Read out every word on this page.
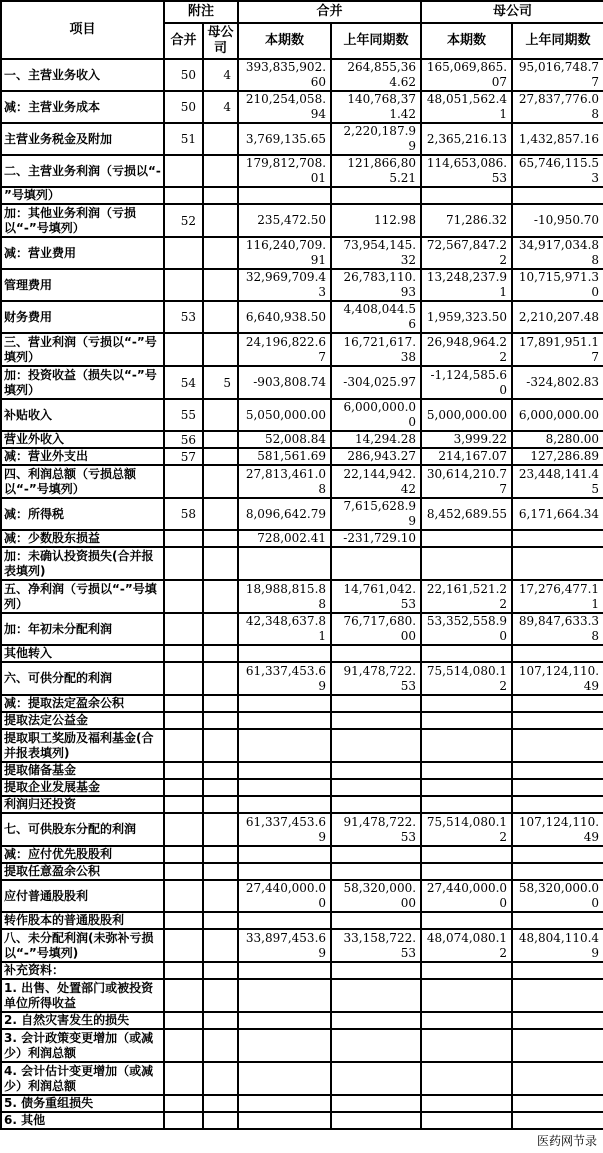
项目	附注		合并		母公司	
	合并	母公司	本期数	上年同期数	本期数	上年同期数
一、主营业务收入	50	4	393,835,902.60	264,855,364.62	165,069,865.07	95,016,748.77
减：主营业务成本	50	4	210,254,058.94	140,768,371.42	48,051,562.41	27,837,776.08
主营业务税金及附加	51		3,769,135.65	2,220,187.99	2,365,216.13	1,432,857.16
二、主营业务利润（亏损以“-			179,812,708.01	121,866,805.21	114,653,086.53	65,746,115.53
”号填列）						
加：其他业务利润（亏损以“-”号填列）	52		235,472.50	112.98	71,286.32	-10,950.70
减：营业费用			116,240,709.91	73,954,145.32	72,567,847.22	34,917,034.88
管理费用			32,969,709.43	26,783,110.93	13,248,237.91	10,715,971.30
财务费用	53		6,640,938.50	4,408,044.56	1,959,323.50	2,210,207.48
三、营业利润（亏损以“-”号填列）			24,196,822.67	16,721,617.38	26,948,964.22	17,891,951.17
加：投资收益（损失以“-”号填列）	54	5	-903,808.74	-304,025.97	-1,124,585.60	-324,802.83
补贴收入	55		5,050,000.00	6,000,000.00	5,000,000.00	6,000,000.00
营业外收入	56		52,008.84	14,294.28	3,999.22	8,280.00
减：营业外支出	57		581,561.69	286,943.27	214,167.07	127,286.89
四、利润总额（亏损总额以“-”号填列）			27,813,461.08	22,144,942.42	30,614,210.77	23,448,141.45
减：所得税	58		8,096,642.79	7,615,628.99	8,452,689.55	6,171,664.34
减：少数股东损益			728,002.41	-231,729.10		
加：未确认投资损失(合并报表填列)						
五、净利润（亏损以“-”号填列）			18,988,815.88	14,761,042.53	22,161,521.22	17,276,477.11
加：年初未分配利润			42,348,637.81	76,717,680.00	53,352,558.90	89,847,633.38
其他转入						
六、可供分配的利润			61,337,453.69	91,478,722.53	75,514,080.12	107,124,110.49
减：提取法定盈余公积						
提取法定公益金						
提取职工奖励及福利基金(合并报表填列)						
提取储备基金						
提取企业发展基金						
利润归还投资						
七、可供股东分配的利润			61,337,453.69	91,478,722.53	75,514,080.12	107,124,110.49
减：应付优先股股利						
提取任意盈余公积						
应付普通股股利			27,440,000.00	58,320,000.00	27,440,000.00	58,320,000.00
转作股本的普通股股利						
八、未分配利润(未弥补亏损以“-”号填列)			33,897,453.69	33,158,722.53	48,074,080.12	48,804,110.49
补充资料：						
1. 出售、处置部门或被投资单位所得收益						
2. 自然灾害发生的损失						
3. 会计政策变更增加（或减少）利润总额						
4. 会计估计变更增加（或减少）利润总额						
5. 债务重组损失						
6. 其他						
医药网节录
